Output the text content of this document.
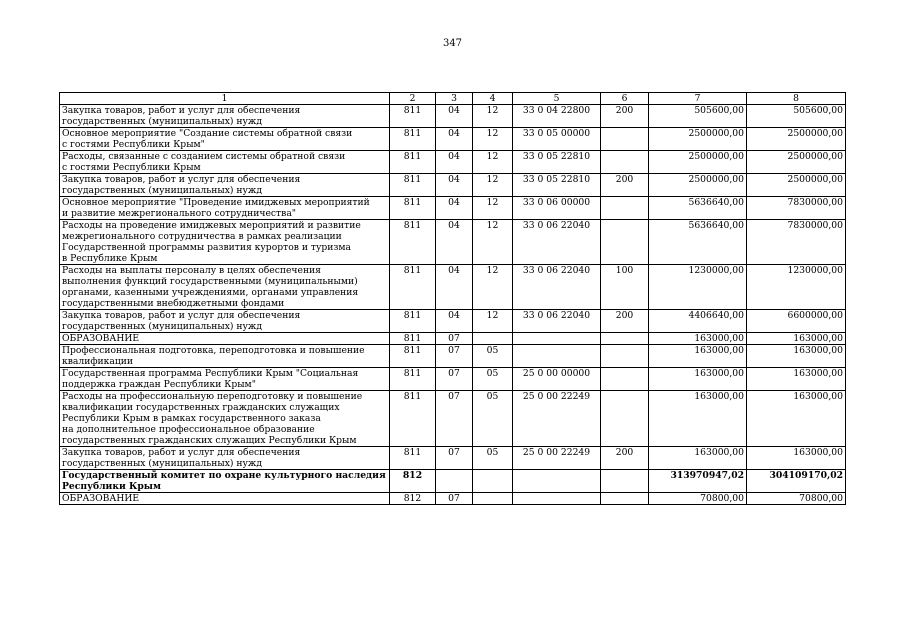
347
1	2	3	4	5	6	7	8

Закупка товаров, работ и услуг для обеспечения
государственных (муниципальных) нужд	811	04	12	33 0 04 22800	200	505600,00	505600,00

Основное мероприятие "Создание системы обратной связи
с гостями Республики Крым"	811	04	12	33 0 05 00000		2500000,00	2500000,00

Расходы, связанные с созданием системы обратной связи
с гостями Республики Крым	811	04	12	33 0 05 22810		2500000,00	2500000,00

Закупка товаров, работ и услуг для обеспечения
государственных (муниципальных) нужд	811	04	12	33 0 05 22810	200	2500000,00	2500000,00

Основное мероприятие "Проведение имиджевых мероприятий
и развитие межрегионального сотрудничества"	811	04	12	33 0 06 00000		5636640,00	7830000,00

Расходы на проведение имиджевых мероприятий и развитие
межрегионального сотрудничества в рамках реализации
Государственной программы развития курортов и туризма
в Республике Крым	811	04	12	33 0 06 22040		5636640,00	7830000,00

Расходы на выплаты персоналу в целях обеспечения
выполнения функций государственными (муниципальными)
органами, казенными учреждениями, органами управления
государственными внебюджетными фондами	811	04	12	33 0 06 22040	100	1230000,00	1230000,00

Закупка товаров, работ и услуг для обеспечения
государственных (муниципальных) нужд	811	04	12	33 0 06 22040	200	4406640,00	6600000,00

ОБРАЗОВАНИЕ	811	07				163000,00	163000,00

Профессиональная подготовка, переподготовка и повышение
квалификации	811	07	05			163000,00	163000,00

Государственная программа Республики Крым "Социальная
поддержка граждан Республики Крым"	811	07	05	25 0 00 00000		163000,00	163000,00

Расходы на профессиональную переподготовку и повышение
квалификации государственных гражданских служащих
Республики Крым в рамках государственного заказа
на дополнительное профессиональное образование
государственных гражданских служащих Республики Крым	811	07	05	25 0 00 22249		163000,00	163000,00

Закупка товаров, работ и услуг для обеспечения
государственных (муниципальных) нужд	811	07	05	25 0 00 22249	200	163000,00	163000,00

Государственный комитет по охране культурного наследия
Республики Крым	812					313970947,02	304109170,02

ОБРАЗОВАНИЕ	812	07				70800,00	70800,00
